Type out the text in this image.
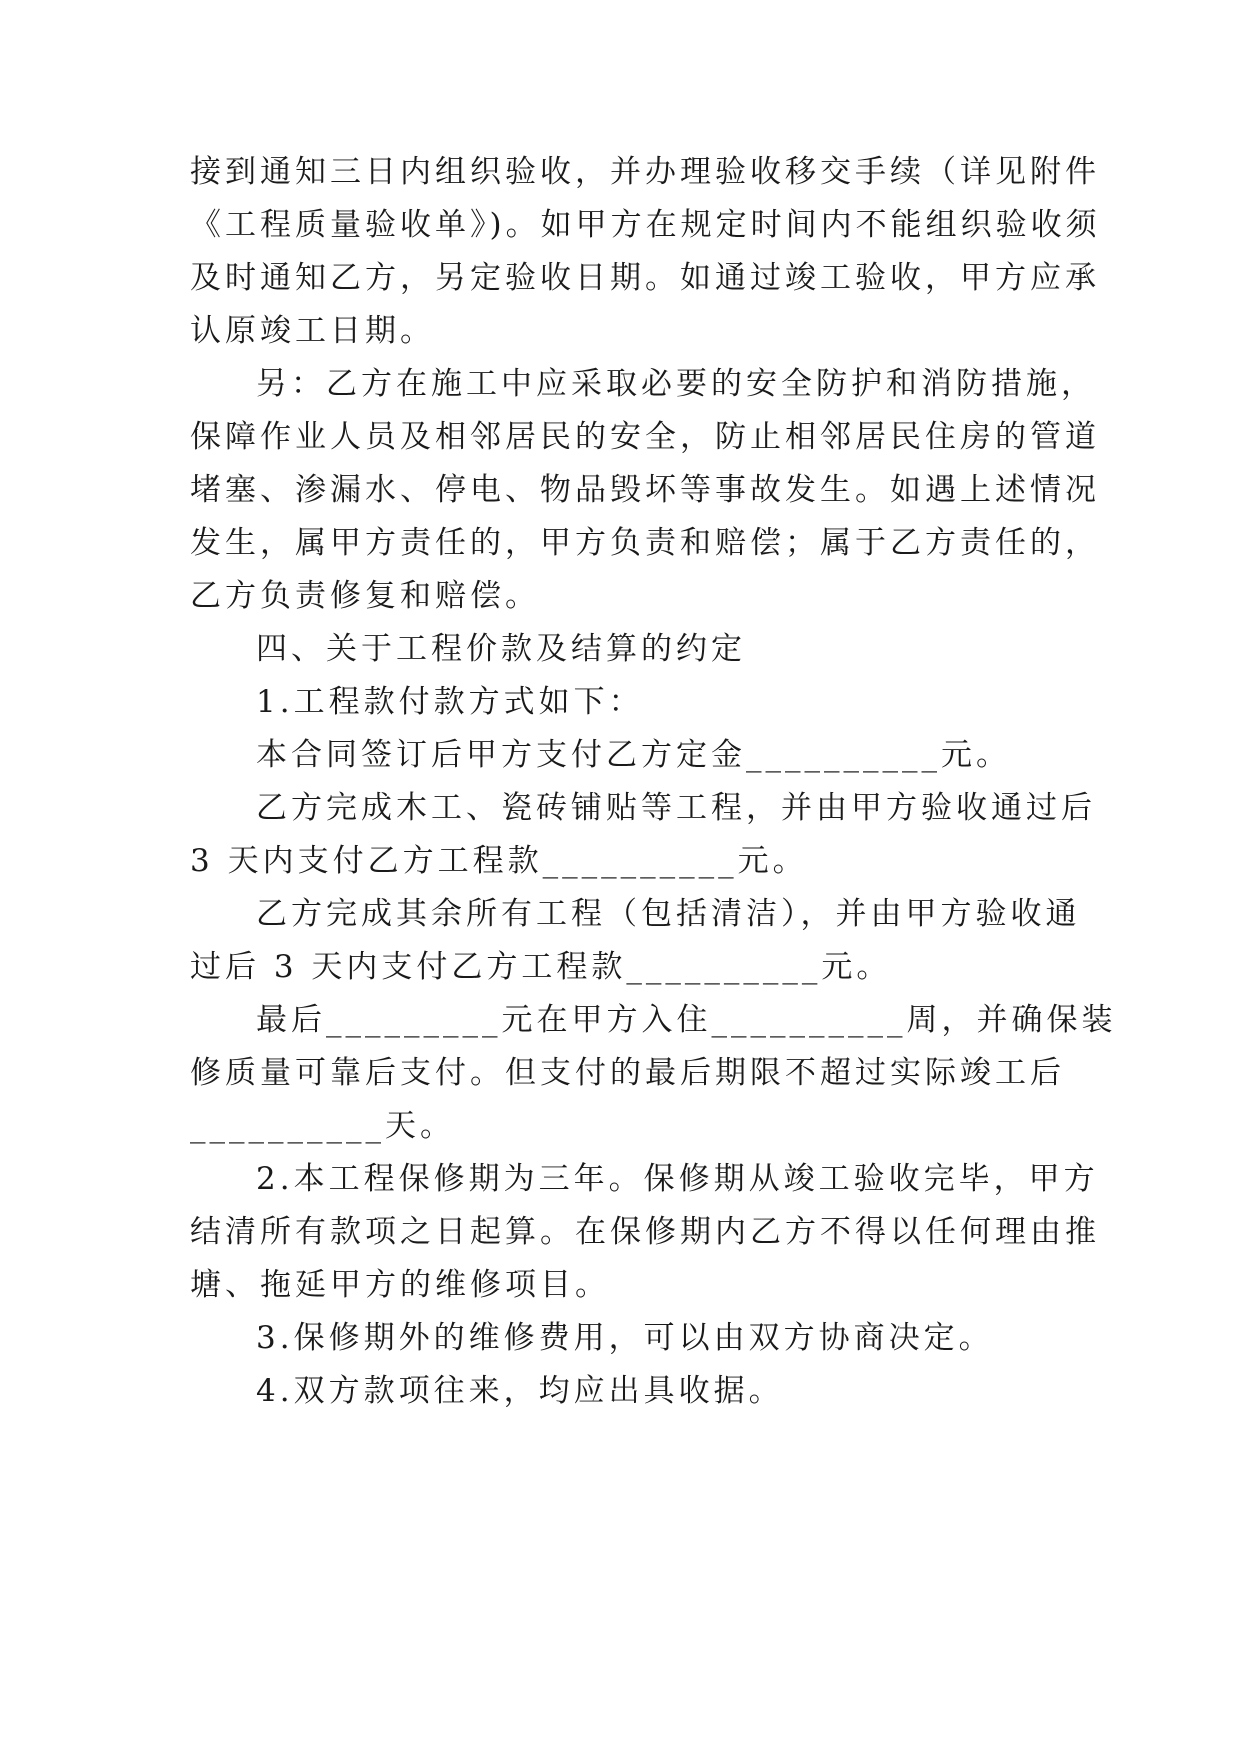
接到通知三日内组织验收，并办理验收移交手续（详见附件
《工程质量验收单》)。如甲方在规定时间内不能组织验收须
及时通知乙方，另定验收日期。如通过竣工验收，甲方应承
认原竣工日期。
另：乙方在施工中应采取必要的安全防护和消防措施，
保障作业人员及相邻居民的安全，防止相邻居民住房的管道
堵塞、渗漏水、停电、物品毁坏等事故发生。如遇上述情况
发生，属甲方责任的，甲方负责和赔偿；属于乙方责任的，
乙方负责修复和赔偿。
四、关于工程价款及结算的约定
1.工程款付款方式如下：
本合同签订后甲方支付乙方定金__________元。
乙方完成木工、瓷砖铺贴等工程，并由甲方验收通过后
3 天内支付乙方工程款__________元。
乙方完成其余所有工程（包括清洁），并由甲方验收通
过后 3 天内支付乙方工程款__________元。
最后_________元在甲方入住__________周，并确保装
修质量可靠后支付。但支付的最后期限不超过实际竣工后
__________天。
2.本工程保修期为三年。保修期从竣工验收完毕，甲方
结清所有款项之日起算。在保修期内乙方不得以任何理由推
塘、拖延甲方的维修项目。
3.保修期外的维修费用，可以由双方协商决定。
4.双方款项往来，均应出具收据。
